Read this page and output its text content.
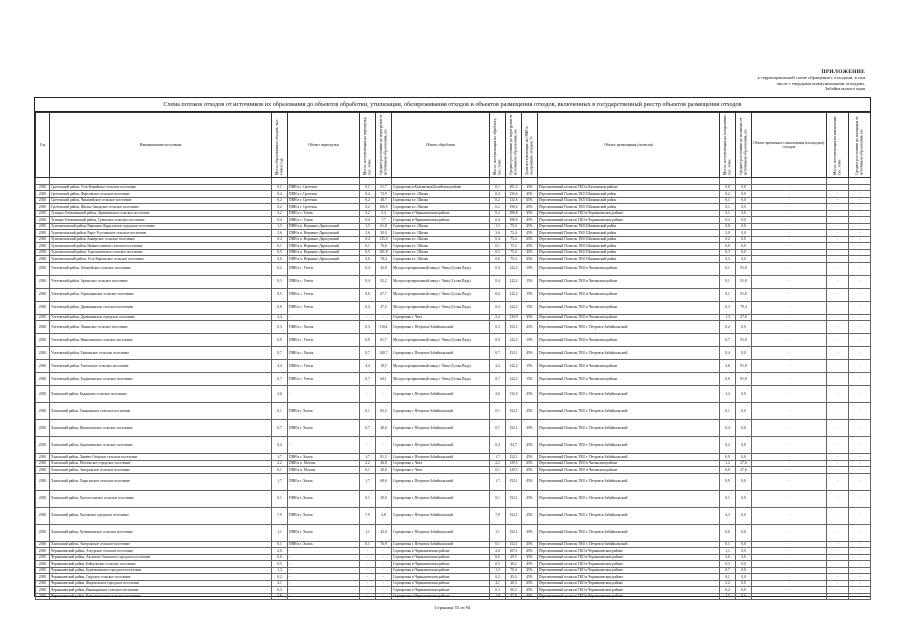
ПРИЛОЖЕНИЕ
к территориальной схеме обращения с отходами, в том
числе с твердыми коммунальными отходами,
Забайкальского края
Схема потоков отходов от источников их образования до объектов обработки, утилизации, обезвреживания отходов и объектов размещения отходов, включенных в государственный реестр объектов размещения отходов
Год	Наименование поселения	Масса образованных отходов, тыс. тонн в год	Объект перегрузки	Масса, поступающая на перегрузку, тыс. тонн	Среднее расстояние до перегрузки от источников образования, км	Объект обработки	Масса, поступающая на обработку, тыс. тонн	Среднее расстояние до перегрузки от источников образования, км	Доля поступающих на ОМР и захоронение отходов, %	Объект размещения (полигон)	Масса, поступающая на захоронение, тыс. тонн	Среднее расстояние до полигона от источников образования, км	Объект временного накопления (площадки), отходов	Масса, поступающая на накопление, тыс. тонн	Среднее расстояние до площадки от источников образования, км

2030	Сретенский район, Усть-Карийское сельское поселение	0,1	ПВН в г. Сретенск	0,1	51,7	Сортировка в Калганском/Балейском районе	0,1	301,2	45%	Перспективный полигон ТКО в Калганском районе	0,0	0,0	-	-	-
2030	Сретенский район, Фирсовское сельское поселение	0,4	ПВН в г. Сретенск	0,4	72,9	Сортировка в г. Шилка	0,4	156,6	45%	Перспективный Полигон ТКО Шилкинский район	0,2	0,0	-	-	-
2030	Сретенский район, Чикичейское сельское поселение	0,2	ПВН в г. Сретенск	0,2	48,7	Сортировка в г. Шилка	0,2	132,6	45%	Перспективный Полигон ТКО Шилкинский район	0,1	0,0	-	-	-
2030	Сретенский район, Шилко-Заводское сельское поселение	0,2	ПВН в г. Сретенск	0,2	106,5	Сортировка в г. Шилка	0,2	190,4	45%	Перспективный Полигон ТКО Шилкинский район	0,1	0,0	-	-	-
2030	Тунгиро-Олекминский район, Заречнинское сельское поселение	0,2	ПВН в с. Тупик	0,2	5,4	Сортировка в Чернышевском районе	0,2	388,8	45%	Перспективный полигон ТКО в Чернышевском районе	0,1	0,0	-	-	-
2030	Тунгиро-Олекминский район, Тупикское сельское поселение	0,4	ПВН в с. Тупик	0,4	7,7	Сортировка в Чернышевском районе	0,4	398,8	45%	Перспективный полигон ТКО в Чернышевском районе	0,2	0,0	-	-	-
2030	Тунгокоченский район, Вершино-Дарасунское городское поселение	1,5	ПВН в п. Вершино-Дарасунский	1,5	61,8	Сортировка в г. Шилка	1,5	75,4	45%	Перспективный Полигон ТКО Шилкинский район	0,8	0,0	-	-	-
2030	Тунгокоченский район, Верх-Усуглинское сельское поселение	3,6	ПВН в п. Вершино-Дарасунский	3,6	20,0	Сортировка в г. Шилка	3,6	75,4	45%	Перспективный Полигон ТКО Шилкинский район	2,0	0,0	-	-	-
2030	Тунгокоченский район, Кыкерское сельское поселение	0,4	ПВН в п. Вершино-Дарасунский	0,4	135,0	Сортировка в г. Шилка	0,4	75,4	45%	Перспективный Полигон ТКО Шилкинский район	0,2	0,0	-	-	-
2030	Тунгокоченский район, Нижнестанское сельское поселение	0,1	ПВН в п. Вершино-Дарасунский	0,1	76,6	Сортировка в г. Шилка	0,1	75,4	45%	Перспективный Полигон ТКО Шилкинский район	0,0	0,0	-	-	-
2030	Тунгокоченский район, Тунгокоченское сельское поселение	0,5	ПВН в п. Вершино-Дарасунский	0,5	181,8	Сортировка в г. Шилка	0,5	75,4	45%	Перспективный Полигон ТКО Шилкинский район	0,3	0,0	-	-	-
2030	Тунгокоченский район, Усть-Каренгское сельское поселение	0,6	ПВН в п. Вершино-Дарасунский	0,6	78,4	Сортировка в г. Шилка	0,6	75,4	45%	Перспективный Полигон ТКО Шилкинский район	0,3	0,0	-	-	-
2030	Улетовский район, Аблатуйское сельское поселение	0,2	ПВН в с. Улеты	0,4	43,8	Мусоросортировочный завод г. Читы (Сухая Падь)	0,4	122,2	15%	Перспективный Полигон ТКО в Читинском районе	0,1	91,8	-	-	-
2030	Улетовский район, Артинское сельское поселение	0,3	ПВН в с. Улеты	0,4	25,2	Мусоросортировочный завод г. Читы (Сухая Падь)	0,4	122,2	15%	Перспективный Полигон ТКО в Читинском районе	0,1	91,8	-	-	-
2030	Улетовский район, Горекацанское сельское поселение	0,5	ПВН в с. Улеты	0,6	67,7	Мусоросортировочный завод г. Читы (Сухая Падь)	0,6	122,2	15%	Перспективный Полигон ТКО в Читинском районе	0,1	91,8	-	-	-
2030	Улетовский район, Дровянинское сельское поселение	0,6	ПВН в с. Улеты	0,4	47,5	Мусоросортировочный завод г. Читы (Сухая Падь)	0,4	122,2	15%	Перспективный Полигон ТКО в Читинском районе	0,3	79,4	-	-	-
2030	Улетовский район, Дровянинское городское поселение	2,4	-	-	-	Сортировка г. Чита	2,4	130,9	45%	Перспективный Полигон ТКО в Читинском районе	1,3	27,6	-	-	-
2030	Улетовский район, Ленинское сельское поселение	0,3	ПВН в с. Хилок	0,3	118,4	Сортировка г. Петровск-Забайкальский	0,3	152,1	45%	Перспективный Полигон ТКО г. Петровск-Забайкальский	0,2	0,0	-	-	-
2030	Улетовский район, Николаевское сельское поселение	0,9	ПВН в с. Улеты	0,9	61,7	Мусоросортировочный завод г. Читы (Сухая Падь)	0,9	122,2	15%	Перспективный Полигон ТКО в Читинском районе	0,7	91,8	-	-	-
2030	Улетовский район, Тангинское сельское поселение	0,7	ПВН в с. Хилок	0,7	140,7	Сортировка г. Петровск-Забайкальский	0,7	152,1	45%	Перспективный Полигон ТКО г. Петровск-Забайкальский	0,4	0,0	-	-	-
2030	Улетовский район, Улетовское сельское поселение	4,4	ПВН в с. Улеты	4,4	18,5	Мусоросортировочный завод г. Читы (Сухая Падь)	4,4	122,2	15%	Перспективный Полигон ТКО в Читинском районе	3,8	91,8	-	-	-
2030	Улетовский район, Хадактинское сельское поселение	0,7	ПВН в с. Улеты	0,7	64,1	Мусоросортировочный завод г. Читы (Сухая Падь)	0,7	122,2	15%	Перспективный Полигон ТКО в Читинском районе	0,6	91,8	-	-	-
2030	Хилокский район, Бадинское сельское поселение	2,6	-	-	-	Сортировка г. Петровск-Забайкальский	2,6	133,0	45%	Перспективный Полигон ТКО г. Петровск-Забайкальский	1,4	0,0	-	-	-
2030	Хилокский район, Глинкинское сельское поселение	0,1	ПВН в г. Хилок	0,1	82,3	Сортировка г. Петровск-Забайкальский	0,1	152,1	45%	Перспективный Полигон ТКО г. Петровск-Забайкальский	0,1	0,0	-	-	-
2030	Хилокский район, Жипхегенское сельское поселение	0,7	ПВН в г. Хилок	0,7	49,6	Сортировка г. Петровск-Забайкальский	0,7	152,1	45%	Перспективный Полигон ТКО г. Петровск-Забайкальский	0,4	0,0	-	-	-
2030	Хилокский район, Закультинское сельское поселение	0,4	-	-	-	Сортировка г. Петровск-Забайкальский	0,4	94,7	45%	Перспективный Полигон ТКО г. Петровск-Забайкальский	0,2	0,0	-	-	-
2030	Хилокский район, Линёво-Озёрское сельское поселение	1,7	ПВН в г. Хилок	1,7	81,3	Сортировка г. Петровск-Забайкальский	1,7	152,1	45%	Перспективный Полигон ТКО г. Петровск-Забайкальский	0,9	0,0	-	-	-
2030	Хилокский район, Могзонское городское поселение	2,2	ПВН в п. Могзон	2,2	46,8	Сортировка г. Чита	2,2	129,5	45%	Перспективный Полигон ТКО в Читинском районе	1,2	27,6	-	-	-
2030	Хилокский район, Энгорокское сельское поселение	0,1	ПВН в п. Могзон	0,1	20,0	Сортировка г. Чита	0,1	129,5	45%	Перспективный Полигон ТКО в Читинском районе	0,0	27,6	-	-	-
2030	Хилокский район, Харагунское сельское поселение	1,7	ПВН в г. Хилок	1,7	68,6	Сортировка г. Петровск-Забайкальский	1,7	152,1	45%	Перспективный Полигон ТКО г. Петровск-Забайкальский	0,9	0,0	-	-	-
2030	Хилокский район, Хилогосонское сельское поселение	0,1	ПВН в г. Хилок	0,1	30,0	Сортировка г. Петровск-Забайкальский	0,1	152,1	45%	Перспективный Полигон ТКО г. Петровск-Забайкальский	0,1	0,0	-	-	-
2030	Хилокский район, Хилокское городское поселение	7,9	ПВН в г. Хилок	7,9	2,8	Сортировка г. Петровск-Забайкальский	7,9	152,1	45%	Перспективный Полигон ТКО г. Петровск-Забайкальский	4,3	0,0	-	-	-
2030	Хилокский район, Хушенгинское сельское поселение	1,1	ПВН в г. Хилок	1,1	42,0	Сортировка г. Петровск-Забайкальский	1,1	152,1	45%	Перспективный Полигон ТКО г. Петровск-Забайкальский	0,6	0,0	-	-	-
2030	Хилокский район, Энгорокское сельское поселение	0,1	ПВН в г. Хилок	0,1	76,9	Сортировка г. Петровск-Забайкальский	0,1	152,1	45%	Перспективный Полигон ТКО г. Петровск-Забайкальский	0,1	0,0	-	-	-
2030	Чернышевский район, Алеурское сельское поселение	2,0	-	-	-	Сортировка в Чернышевском районе	2,0	107,1	45%	Перспективный полигон ТКО в Чернышевском районе	1,1	0,0	-	-	-
2030	Чернышевский район, Аксеново-Зиловское городское поселение	6,6	-	-	-	Сортировка в Чернышевском районе	6,6	29,5	45%	Перспективный полигон ТКО в Чернышевском районе	3,6	0,0	-	-	-
2030	Чернышевский район, Байгульское сельское поселение	0,5	-	-	-	Сортировка в Чернышевском районе	0,5	48,2	45%	Перспективный полигон ТКО в Чернышевском районе	0,3	0,0	-	-	-
2030	Чернышевский район, Букачачинское городское поселение	1,3	-	-	-	Сортировка в Чернышевском районе	1,3	70,4	45%	Перспективный полигон ТКО в Чернышевском районе	0,7	0,0	-	-	-
2030	Чернышевский район, Гаурское сельское поселение	0,2	-	-	-	Сортировка в Чернышевском районе	0,2	45,3	45%	Перспективный полигон ТКО в Чернышевском районе	0,1	0,0	-	-	-
2030	Чернышевский район, Жирекенское городское поселение	4,1	-	-	-	Сортировка в Чернышевском районе	4,1	20,3	45%	Перспективный полигон ТКО в Чернышевском районе	2,2	0,0	-	-	-
2030	Чернышевский район, Икшицинское сельское поселение	0,3	-	-	-	Сортировка в Чернышевском районе	0,3	30,3	45%	Перспективный полигон ТКО в Чернышевском районе	0,2	0,0	-	-	-
2030	Чернышевский район, Комсомольское сельское поселение	2,8	-	-	-	Сортировка в Чернышевском районе	2,8	57,9	45%	Перспективный полигон ТКО в Чернышевском районе	1,5	0,0	-	-	-
Страница 55 из 94
